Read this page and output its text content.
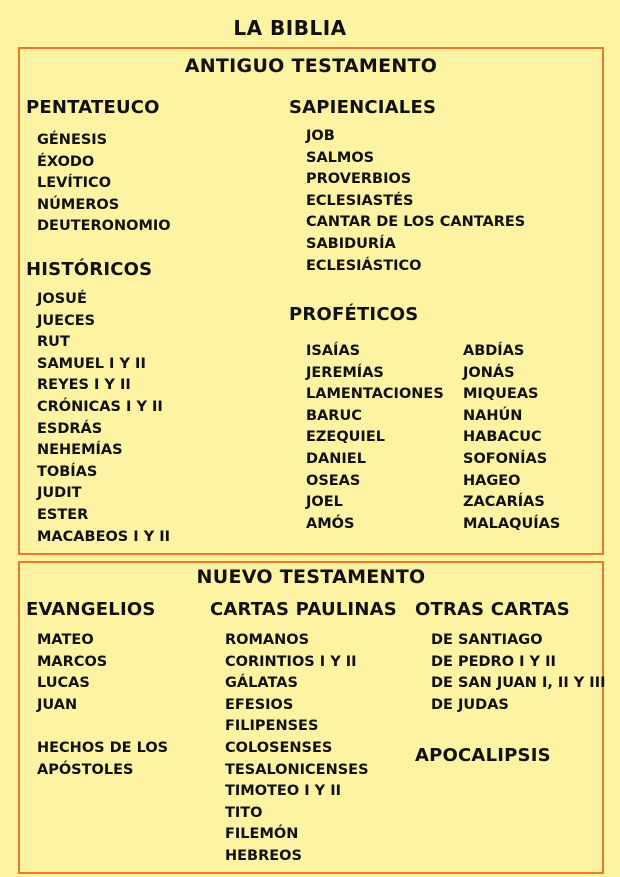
LA BIBLIA
ANTIGUO TESTAMENTO
PENTATEUCO
GÉNESIS
ÉXODO
LEVÍTICO
NÚMEROS
DEUTERONOMIO
HISTÓRICOS
JOSUÉ
JUECES
RUT
SAMUEL I Y II
REYES I Y II
CRÓNICAS I Y II
ESDRÁS
NEHEMÍAS
TOBÍAS
JUDIT
ESTER
MACABEOS I Y II
SAPIENCIALES
JOB
SALMOS
PROVERBIOS
ECLESIASTÉS
CANTAR DE LOS CANTARES
SABIDURÍA
ECLESIÁSTICO
PROFÉTICOS
ISAÍAS
JEREMÍAS
LAMENTACIONES
BARUC
EZEQUIEL
DANIEL
OSEAS
JOEL
AMÓS
ABDÍAS
JONÁS
MIQUEAS
NAHÚN
HABACUC
SOFONÍAS
HAGEO
ZACARÍAS
MALAQUÍAS
NUEVO TESTAMENTO
EVANGELIOS
MATEO
MARCOS
LUCAS
JUAN
HECHOS DE LOS
APÓSTOLES
CARTAS PAULINAS
ROMANOS
CORINTIOS I Y II
GÁLATAS
EFESIOS
FILIPENSES
COLOSENSES
TESALONICENSES
TIMOTEO I Y II
TITO
FILEMÓN
HEBREOS
OTRAS CARTAS
DE SANTIAGO
DE PEDRO I Y II
DE SAN JUAN I, II Y III
DE JUDAS
APOCALIPSIS
